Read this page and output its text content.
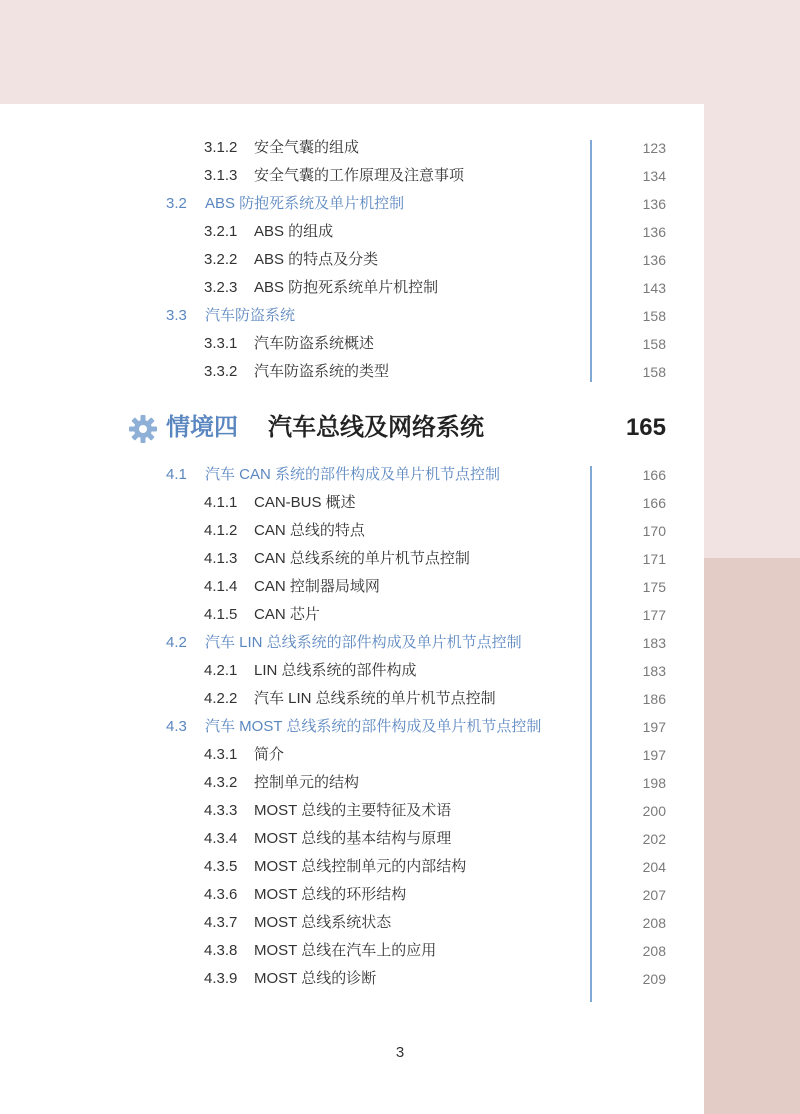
3.1.2 安全气囊的组成	123
3.1.3 安全气囊的工作原理及注意事项	134
3.2 ABS 防抱死系统及单片机控制	136
3.2.1 ABS 的组成	136
3.2.2 ABS 的特点及分类	136
3.2.3 ABS 防抱死系统单片机控制	143
3.3 汽车防盗系统	158
3.3.1 汽车防盗系统概述	158
3.3.2 汽车防盗系统的类型	158
情境四 汽车总线及网络系统	165
4.1 汽车 CAN 系统的部件构成及单片机节点控制	166
4.1.1 CAN-BUS 概述	166
4.1.2 CAN 总线的特点	170
4.1.3 CAN 总线系统的单片机节点控制	171
4.1.4 CAN 控制器局域网	175
4.1.5 CAN 芯片	177
4.2 汽车 LIN 总线系统的部件构成及单片机节点控制	183
4.2.1 LIN 总线系统的部件构成	183
4.2.2 汽车 LIN 总线系统的单片机节点控制	186
4.3 汽车 MOST 总线系统的部件构成及单片机节点控制	197
4.3.1 简介	197
4.3.2 控制单元的结构	198
4.3.3 MOST 总线的主要特征及术语	200
4.3.4 MOST 总线的基本结构与原理	202
4.3.5 MOST 总线控制单元的内部结构	204
4.3.6 MOST 总线的环形结构	207
4.3.7 MOST 总线系统状态	208
4.3.8 MOST 总线在汽车上的应用	208
4.3.9 MOST 总线的诊断	209
3
